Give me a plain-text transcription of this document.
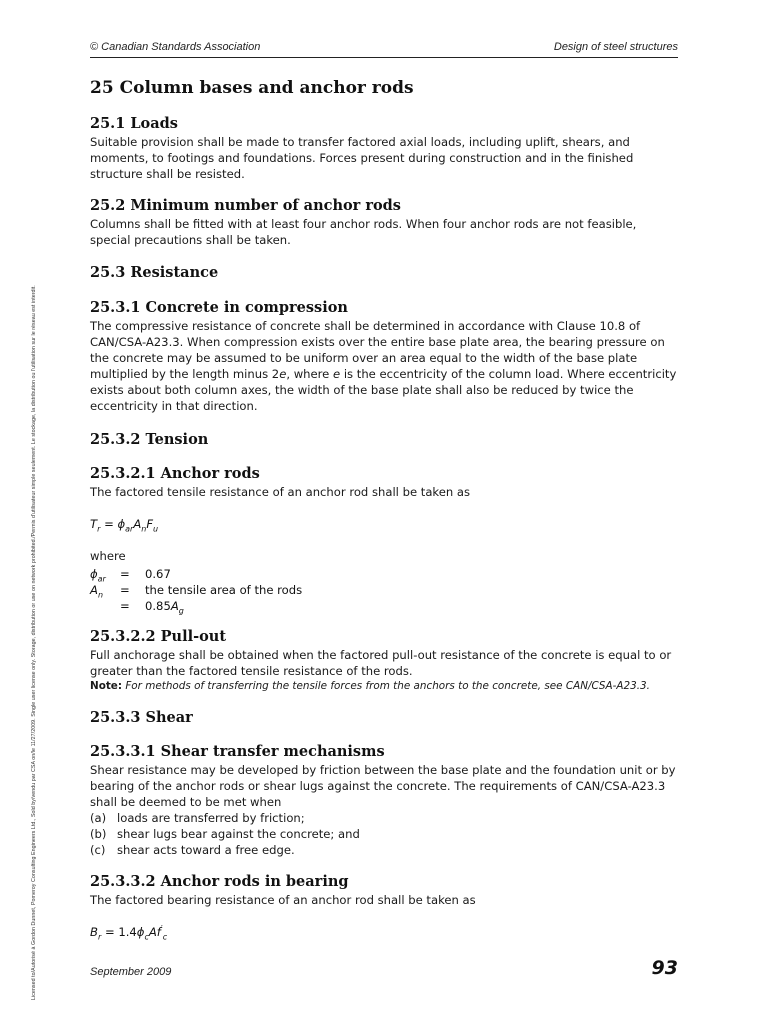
Licensed to/Autorisé à Gordon Dunnet, Pomeroy Consulting Engineers Ltd., Sold by/vendu par CSA on/le 11/27/2009. Single user license only. Storage, distribution or use on network prohibited./Permis d'utilisateur simple seulement. Le stockage, la distribution ou l'utilisation sur le réseau est interdit.
© Canadian Standards Association	Design of steel structures
25 Column bases and anchor rods
25.1 Loads

Suitable provision shall be made to transfer factored axial loads, including uplift, shears, and moments, to footings and foundations. Forces present during construction and in the finished structure shall be resisted.

25.2 Minimum number of anchor rods

Columns shall be fitted with at least four anchor rods. When four anchor rods are not feasible, special precautions shall be taken.

25.3 Resistance
25.3.1 Concrete in compression

The compressive resistance of concrete shall be determined in accordance with Clause 10.8 of CAN/CSA-A23.3. When compression exists over the entire base plate area, the bearing pressure on the concrete may be assumed to be uniform over an area equal to the width of the base plate multiplied by the length minus 2e, where e is the eccentricity of the column load. Where eccentricity exists about both column axes, the width of the base plate shall also be reduced by twice the eccentricity in that direction.

25.3.2 Tension
25.3.2.1 Anchor rods

The factored tensile resistance of an anchor rod shall be taken as

$T_r = \phi_{ar}A_nF_u$

where

$\phi_{ar}$	=	0.67
$A_n$	=	the tensile area of the rods
	=	$0.85A_g$
25.3.2.2 Pull-out

Full anchorage shall be obtained when the factored pull-out resistance of the concrete is equal to or greater than the factored tensile resistance of the rods.

Note: For methods of transferring the tensile forces from the anchors to the concrete, see CAN/CSA-A23.3.

25.3.3 Shear
25.3.3.1 Shear transfer mechanisms

Shear resistance may be developed by friction between the base plate and the foundation unit or by bearing of the anchor rods or shear lugs against the concrete. The requirements of CAN/CSA-A23.3 shall be deemed to be met when

(a) loads are transferred by friction;
(b) shear lugs bear against the concrete; and
(c) shear acts toward a free edge.
25.3.3.2 Anchor rods in bearing

The factored bearing resistance of an anchor rod shall be taken as

$B_r = 1.4\phi_cAf'_c$

September 2009	93
